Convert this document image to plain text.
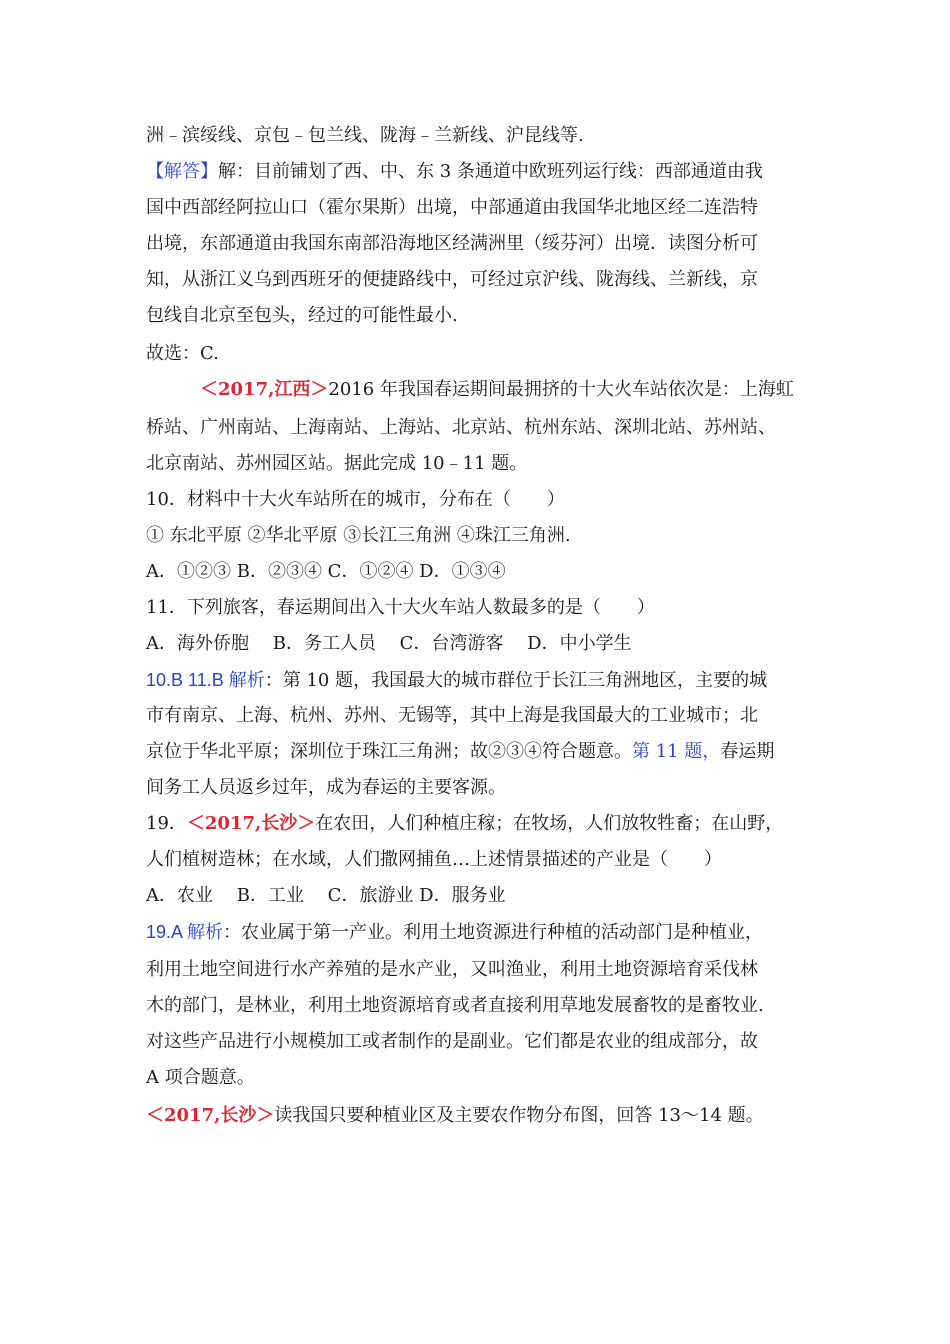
洲﹣滨绥线、京包﹣包兰线、陇海﹣兰新线、沪昆线等.
【解答】解：目前铺划了西、中、东 3 条通道中欧班列运行线：西部通道由我
国中西部经阿拉山口（霍尔果斯）出境，中部通道由我国华北地区经二连浩特
出境，东部通道由我国东南部沿海地区经满洲里（绥芬河）出境．读图分析可
知，从浙江义乌到西班牙的便捷路线中，可经过京沪线、陇海线、兰新线，京
包线自北京至包头，经过的可能性最小.
故选：C.
＜2017,江西＞2016 年我国春运期间最拥挤的十大火车站依次是：上海虹
桥站、广州南站、上海南站、上海站、北京站、杭州东站、深圳北站、苏州站、
北京南站、苏州园区站。据此完成 10﹣11 题。
10．材料中十大火车站所在的城市，分布在（　　）
① 东北平原 ②华北平原 ③长江三角洲 ④珠江三角洲.
A．①②③ B．②③④ C．①②④ D．①③④
11．下列旅客，春运期间出入十大火车站人数最多的是（　　）
A．海外侨胞　 B．务工人员　 C．台湾游客　 D．中小学生
10.B 11.B 解析：第 10 题，我国最大的城市群位于长江三角洲地区，主要的城
市有南京、上海、杭州、苏州、无锡等，其中上海是我国最大的工业城市；北
京位于华北平原；深圳位于珠江三角洲；故②③④符合题意。第 11 题，春运期
间务工人员返乡过年，成为春运的主要客源。
19．＜2017,长沙＞在农田，人们种植庄稼；在牧场，人们放牧牲畜；在山野，
人们植树造林；在水域，人们撒网捕鱼…上述情景描述的产业是（　　）
A．农业　 B．工业　 C．旅游业 D．服务业
19.A 解析：农业属于第一产业。利用土地资源进行种植的活动部门是种植业，
利用土地空间进行水产养殖的是水产业，又叫渔业，利用土地资源培育采伐林
木的部门，是林业，利用土地资源培育或者直接利用草地发展畜牧的是畜牧业.
对这些产品进行小规模加工或者制作的是副业。它们都是农业的组成部分，故
A 项合题意。
＜2017,长沙＞读我国只要种植业区及主要农作物分布图，回答 13～14 题。
